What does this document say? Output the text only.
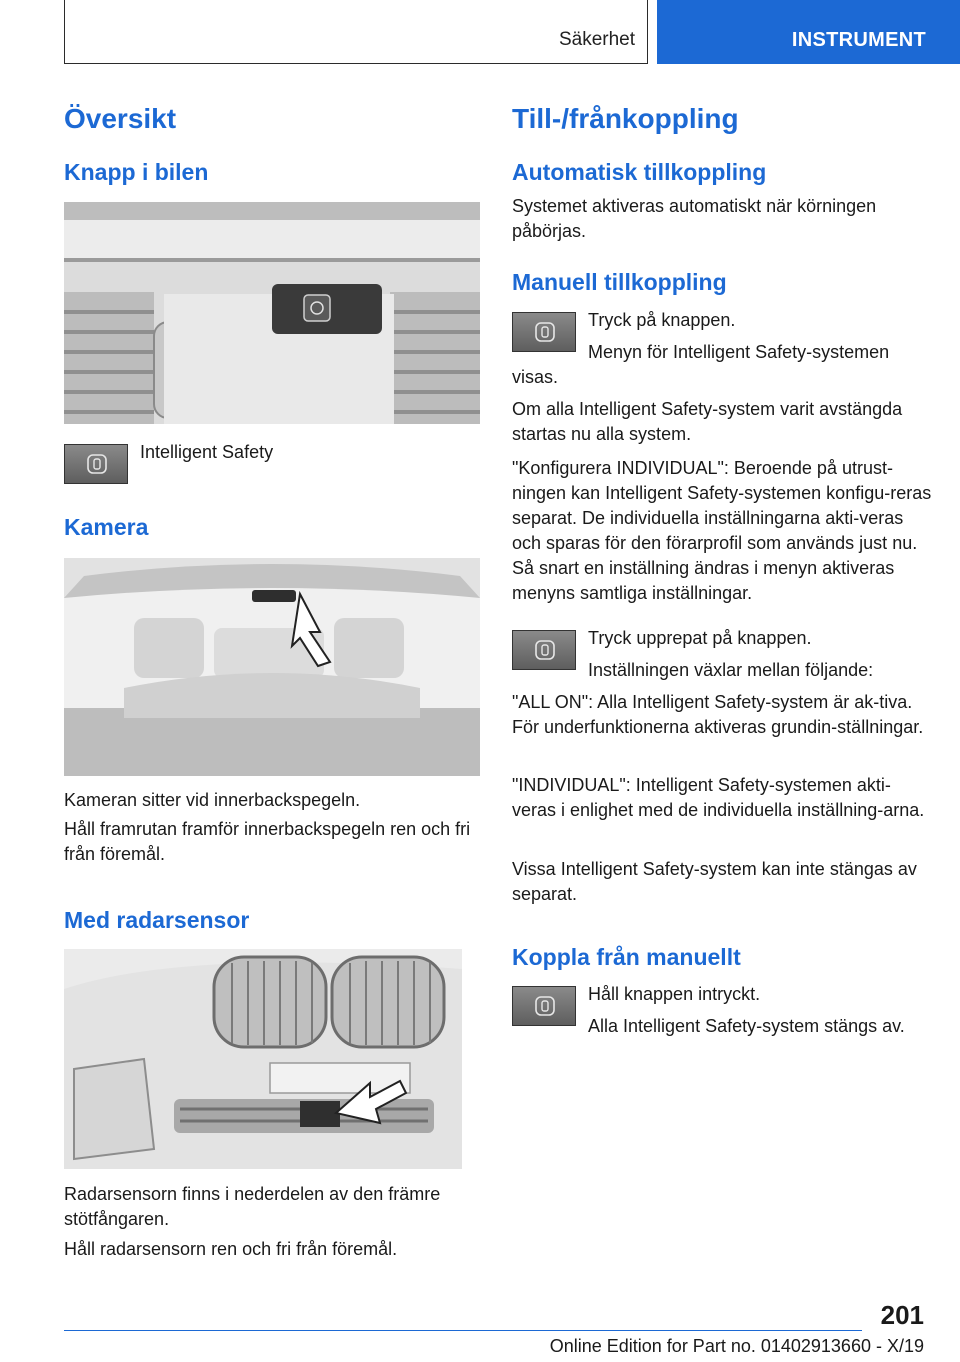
Säkerhet	INSTRUMENT
Översikt
Knapp i bilen

Intelligent Safety

Kamera

Kameran sitter vid innerbackspegeln.

Håll framrutan framför innerbackspegeln ren och fri från föremål.

Med radarsensor

Radarsensorn finns i nederdelen av den främre stötfångaren.

Håll radarsensorn ren och fri från föremål.

Till-/frånkoppling
Automatisk tillkoppling

Systemet aktiveras automatiskt när körningen påbörjas.

Manuell tillkoppling

Tryck på knappen.

Menyn för Intelligent Safety-systemen

visas.

Om alla Intelligent Safety-system varit avstängda startas nu alla system.

"Konfigurera INDIVIDUAL": Beroende på utrust-ningen kan Intelligent Safety-systemen konfigu-reras separat. De individuella inställningarna akti-veras och sparas för den förarprofil som används just nu. Så snart en inställning ändras i menyn aktiveras menyns samtliga inställningar.

Tryck upprepat på knappen.

Inställningen växlar mellan följande:

"ALL ON": Alla Intelligent Safety-system är ak-tiva. För underfunktionerna aktiveras grundin-ställningar.

"INDIVIDUAL": Intelligent Safety-systemen akti-veras i enlighet med de individuella inställning-arna.

Vissa Intelligent Safety-system kan inte stängas av separat.

Koppla från manuellt

Håll knappen intryckt.

Alla Intelligent Safety-system stängs av.

201
Online Edition for Part no. 01402913660 - X/19
